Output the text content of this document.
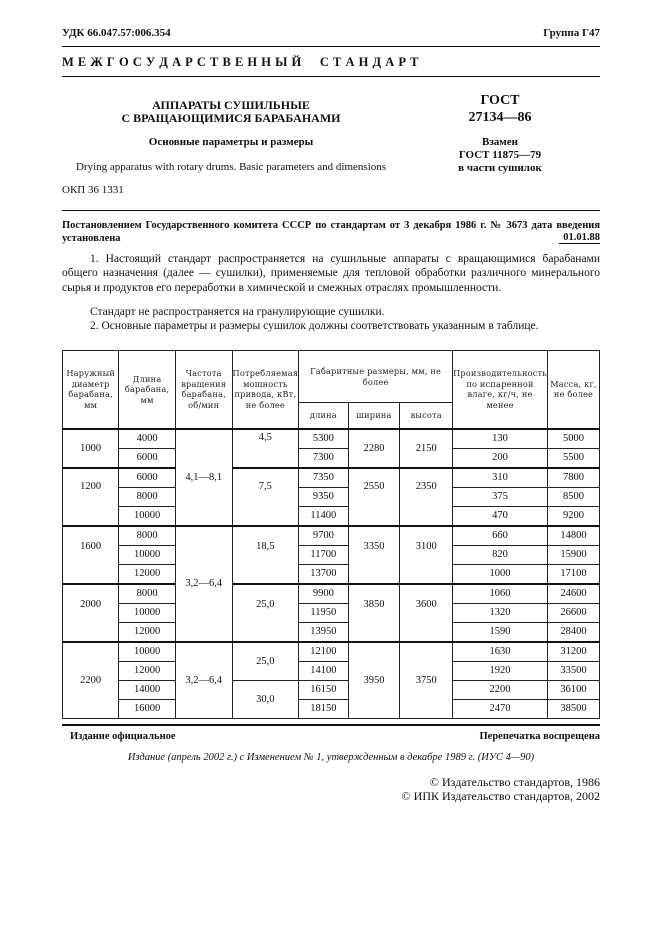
УДК 66.047.57:006.354	Группа Г47
М Е Ж Г О С У Д А Р С Т В Е Н Н Ы Й     С Т А Н Д А Р Т
АППАРАТЫ СУШИЛЬНЫЕ
С ВРАЩАЮЩИМИСЯ БАРАБАНАМИ
Основные параметры и размеры
Drying apparatus with rotary drums. Basic parameters and dimensions
ОКП 36 1331
ГОСТ
27134—86
Взамен
ГОСТ 11875—79
в части сушилок
Постановлением Государственного комитета СССР по стандартам от 3 декабря 1986 г. № 3673 дата введения установлена	01.01.88
1. Настоящий стандарт распространяется на сушильные аппараты с вращающимися барабанами общего назначения (далее — сушилки), применяемые для тепловой обработки различного минерального сырья и продуктов его переработки в химической и смежных отраслях промышленности.
Стандарт не распространяется на гранулирующие сушилки.
2. Основные параметры и размеры сушилок должны соответствовать указанным в таблице.
Наружный диаметр барабана, мм	Длина барабана, мм	Частота вращения барабана, об/мин	Потребляемая мощность привода, кВт, не более	Габаритные размеры, мм, не более			Производительность по испаренной влаге, кг/ч, не менее	Масса, кг, не более
				длина	ширина	высота		
1000	4000	4,1—8,1	4,5	5300	2280	2150	130	5000
	6000			7300			200	5500
1200	6000		7,5	7350	2550	2350	310	7800
	8000			9350			375	8500
	10000			11400			470	9200
1600	8000	3,2—6,4	18,5	9700	3350	3100	660	14800
	10000			11700			820	15900
	12000			13700			1000	17100
2000	8000		25,0	9900	3850	3600	1060	24600
	10000			11950			1320	26600
	12000			13950			1590	28400
2200	10000	3,2—6,4	25,0	12100	3950	3750	1630	31200
	12000			14100			1920	33500
	14000		30,0	16150			2200	36100
	16000			18150			2470	38500
Издание официальное	Перепечатка воспрещена
Издание (апрель 2002 г.) с Изменением № 1, утвержденным в декабре 1989 г. (ИУС 4—90)
© Издательство стандартов, 1986
© ИПК Издательство стандартов, 2002
